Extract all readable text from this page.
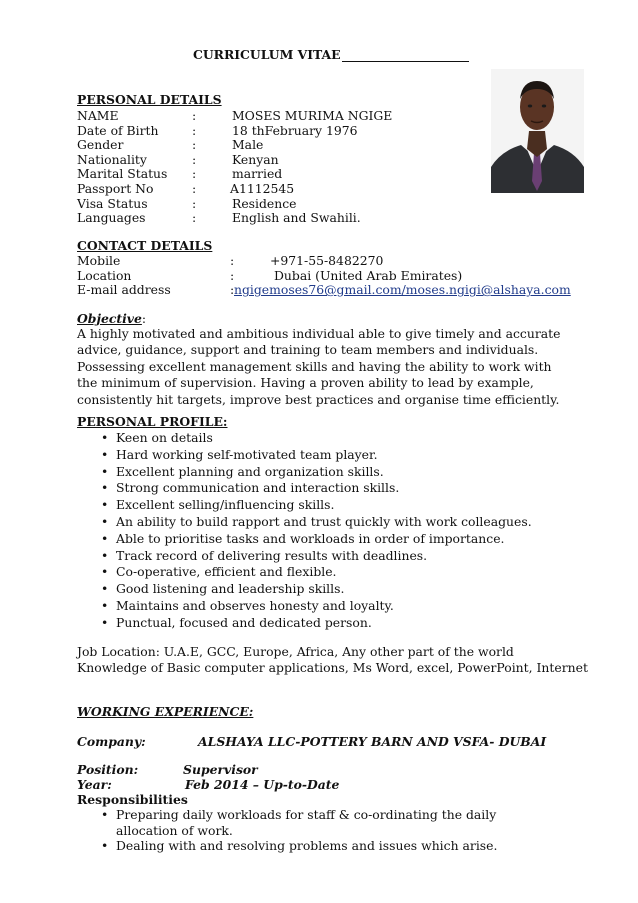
CURRICULUM VITAE
PERSONAL DETAILS
NAME	:	MOSES MURIMA NGIGE
Date of Birth	:	18 thFebruary 1976
Gender	:	Male
Nationality	:	Kenyan
Marital Status :	married
Passport No	:	A1112545
Visa Status	:	Residence
Languages	:	English and Swahili.
CONTACT DETAILS
Mobile	:	+971-55-8482270
Location	:	Dubai (United Arab Emirates)
E-mail address	: ngigemoses76@gmail.com/moses.ngigi@alshaya.com
Objective:
A highly motivated and ambitious individual able to give timely and accurate advice, guidance, support and training to team members and individuals. Possessing excellent management skills and having the ability to work with the minimum of supervision. Having a proven ability to lead by example, consistently hit targets, improve best practices and organise time efficiently.
PERSONAL PROFILE:
• Keen on details
• Hard working self-motivated team player.
• Excellent planning and organization skills.
• Strong communication and interaction skills.
• Excellent selling/influencing skills.
• An ability to build rapport and trust quickly with work colleagues.
• Able to prioritise tasks and workloads in order of importance.
• Track record of delivering results with deadlines.
• Co-operative, efficient and flexible.
• Good listening and leadership skills.
• Maintains and observes honesty and loyalty.
• Punctual, focused and dedicated person.
Job Location: U.A.E, GCC, Europe, Africa, Any other part of the world
Knowledge of Basic computer applications, Ms Word, excel, PowerPoint, Internet
WORKING EXPERIENCE:
Company:	ALSHAYA LLC-POTTERY BARN AND VSFA- DUBAI
Position:	Supervisor
Year:	Feb 2014 – Up-to-Date
Responsibilities
• Preparing daily workloads for staff & co-ordinating the daily allocation of work.
• Dealing with and resolving problems and issues which arise.
